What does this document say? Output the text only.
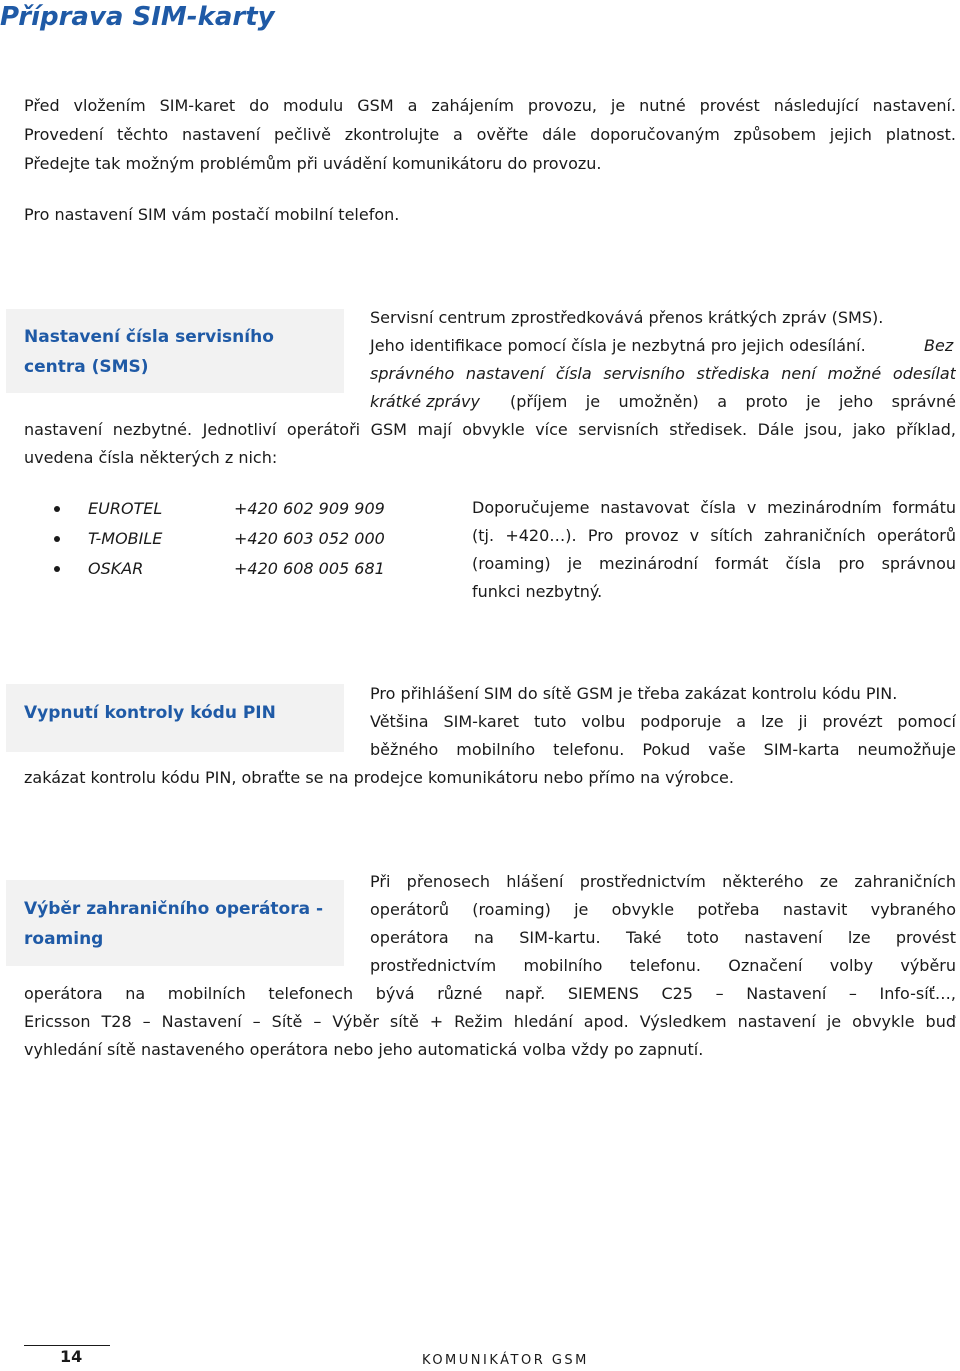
Příprava SIM-karty
Před vložením SIM-karet do modulu GSM a zahájením provozu, je nutné provést následující nastavení.
Provedení těchto nastavení pečlivě zkontrolujte a ověřte dále doporučovaným způsobem jejich platnost.
Předejte tak možným problémům při uvádění komunikátoru do provozu.
Pro nastavení SIM vám postačí mobilní telefon.
Nastavení čísla servisního
centra (SMS)
Servisní centrum zprostředkovává přenos krátkých zpráv (SMS).
Jeho identifikace pomocí čísla je nezbytná pro jejich odesílání.	Bez
správného nastavení čísla servisního střediska není možné odesílat
krátké zprávy (příjem je umožněn) a proto je jeho správné
nastavení nezbytné. Jednotliví operátoři GSM mají obvykle více servisních středisek. Dále jsou, jako příklad,
uvedena čísla některých z nich:
EUROTEL	+420 602 909 909
T-MOBILE	+420 603 052 000
OSKAR	+420 608 005 681
Doporučujeme nastavovat čísla v mezinárodním formátu
(tj. +420…). Pro provoz v sítích zahraničních operátorů
(roaming) je mezinárodní formát čísla pro správnou
funkci nezbytný.
Vypnutí kontroly kódu PIN
Pro přihlášení SIM do sítě GSM je třeba zakázat kontrolu kódu PIN.
Většina SIM-karet tuto volbu podporuje a lze ji provézt pomocí
běžného mobilního telefonu. Pokud vaše SIM-karta neumožňuje
zakázat kontrolu kódu PIN, obraťte se na prodejce komunikátoru nebo přímo na výrobce.
Výběr zahraničního operátora -
roaming
Při přenosech hlášení prostřednictvím některého ze zahraničních
operátorů (roaming) je obvykle potřeba nastavit vybraného
operátora na SIM-kartu. Také toto nastavení lze provést
prostřednictvím mobilního telefonu. Označení volby výběru
operátora na mobilních telefonech bývá různé např. SIEMENS C25 – Nastavení – Info-síť…,
Ericsson T28 – Nastavení – Sítě – Výběr sítě + Režim hledání apod. Výsledkem nastavení je obvykle buď
vyhledání sítě nastaveného operátora nebo jeho automatická volba vždy po zapnutí.
14	KOMUNIKÁTOR GSM
